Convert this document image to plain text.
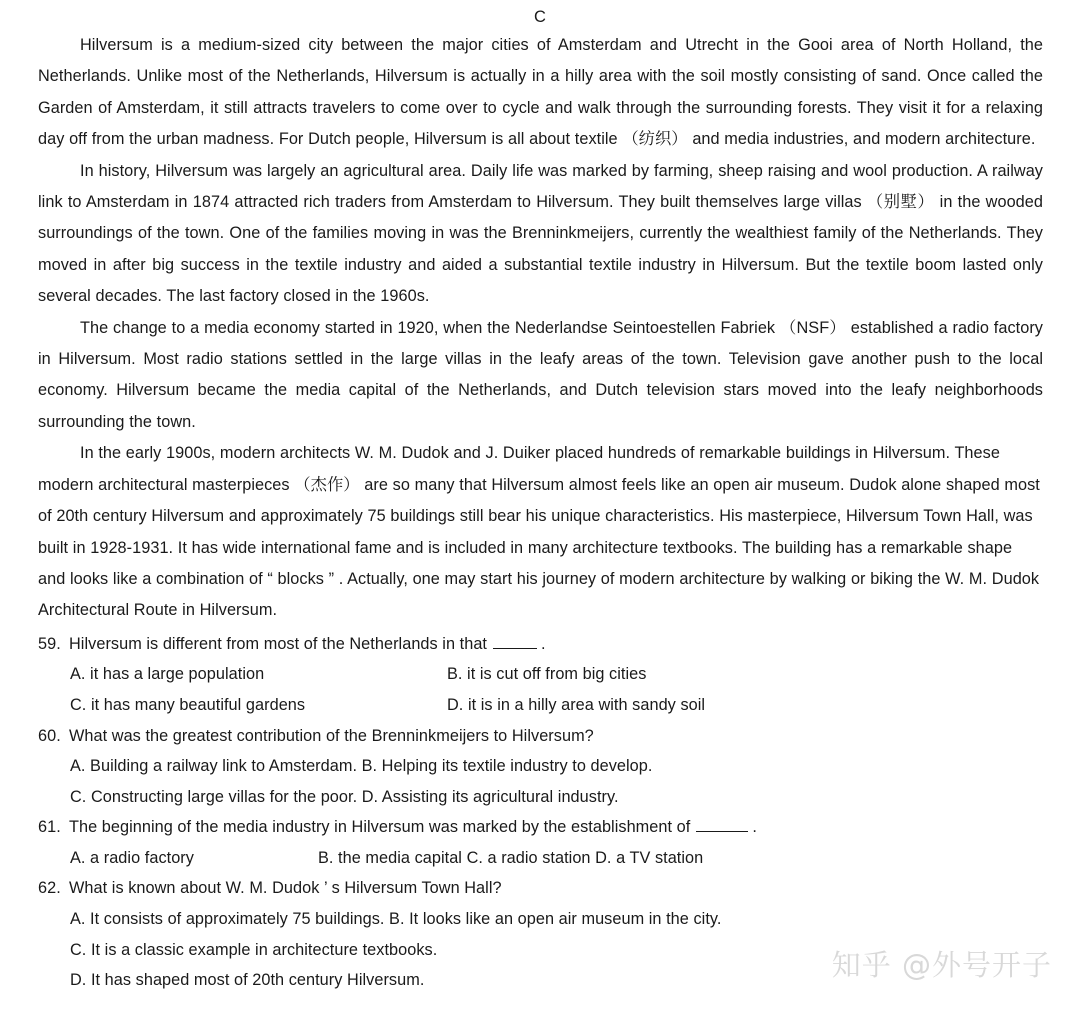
C

Hilversum is a medium-sized city between the major cities of Amsterdam and Utrecht in the Gooi area of North Holland, the Netherlands. Unlike most of the Netherlands, Hilversum is actually in a hilly area with the soil mostly consisting of sand. Once called the Garden of Amsterdam, it still attracts travelers to come over to cycle and walk through the surrounding forests. They visit it for a relaxing day off from the urban madness. For Dutch people, Hilversum is all about textile （纺织） and media industries, and modern architecture.

In history, Hilversum was largely an agricultural area. Daily life was marked by farming, sheep raising and wool production. A railway link to Amsterdam in 1874 attracted rich traders from Amsterdam to Hilversum. They built themselves large villas （别墅） in the wooded surroundings of the town. One of the families moving in was the Brenninkmeijers, currently the wealthiest family of the Netherlands. They moved in after big success in the textile industry and aided a substantial textile industry in Hilversum. But the textile boom lasted only several decades. The last factory closed in the 1960s.

The change to a media economy started in 1920, when the Nederlandse Seintoestellen Fabriek （NSF） established a radio factory in Hilversum. Most radio stations settled in the large villas in the leafy areas of the town. Television gave another push to the local economy. Hilversum became the media capital of the Netherlands, and Dutch television stars moved into the leafy neighborhoods surrounding the town.

In the early 1900s, modern architects W. M. Dudok and J. Duiker placed hundreds of remarkable buildings in Hilversum. These modern architectural masterpieces （杰作） are so many that Hilversum almost feels like an open air museum. Dudok alone shaped most of 20th century Hilversum and approximately 75 buildings still bear his unique characteristics. His masterpiece, Hilversum Town Hall, was built in 1928-1931. It has wide international fame and is included in many architecture textbooks. The building has a remarkable shape and looks like a combination of “ blocks ” . Actually, one may start his journey of modern architecture by walking or biking the W. M. Dudok Architectural Route in Hilversum.

59. Hilversum is different from most of the Netherlands in that	.
A. it has a large population	B. it is cut off from big cities
C. it has many beautiful gardens	D. it is in a hilly area with sandy soil
60. What was the greatest contribution of the Brenninkmeijers to Hilversum?
A. Building a railway link to Amsterdam. B. Helping its textile industry to develop.
C. Constructing large villas for the poor. D. Assisting its agricultural industry.
61. The beginning of the media industry in Hilversum was marked by the establishment of	.
A. a radio factory	B. the media capital C. a radio station D. a TV station
62. What is known about W. M. Dudok ’ s Hilversum Town Hall?
A. It consists of approximately 75 buildings. B. It looks like an open air museum in the city.
C. It is a classic example in architecture textbooks.
D. It has shaped most of 20th century Hilversum.	知乎 @外号开子
